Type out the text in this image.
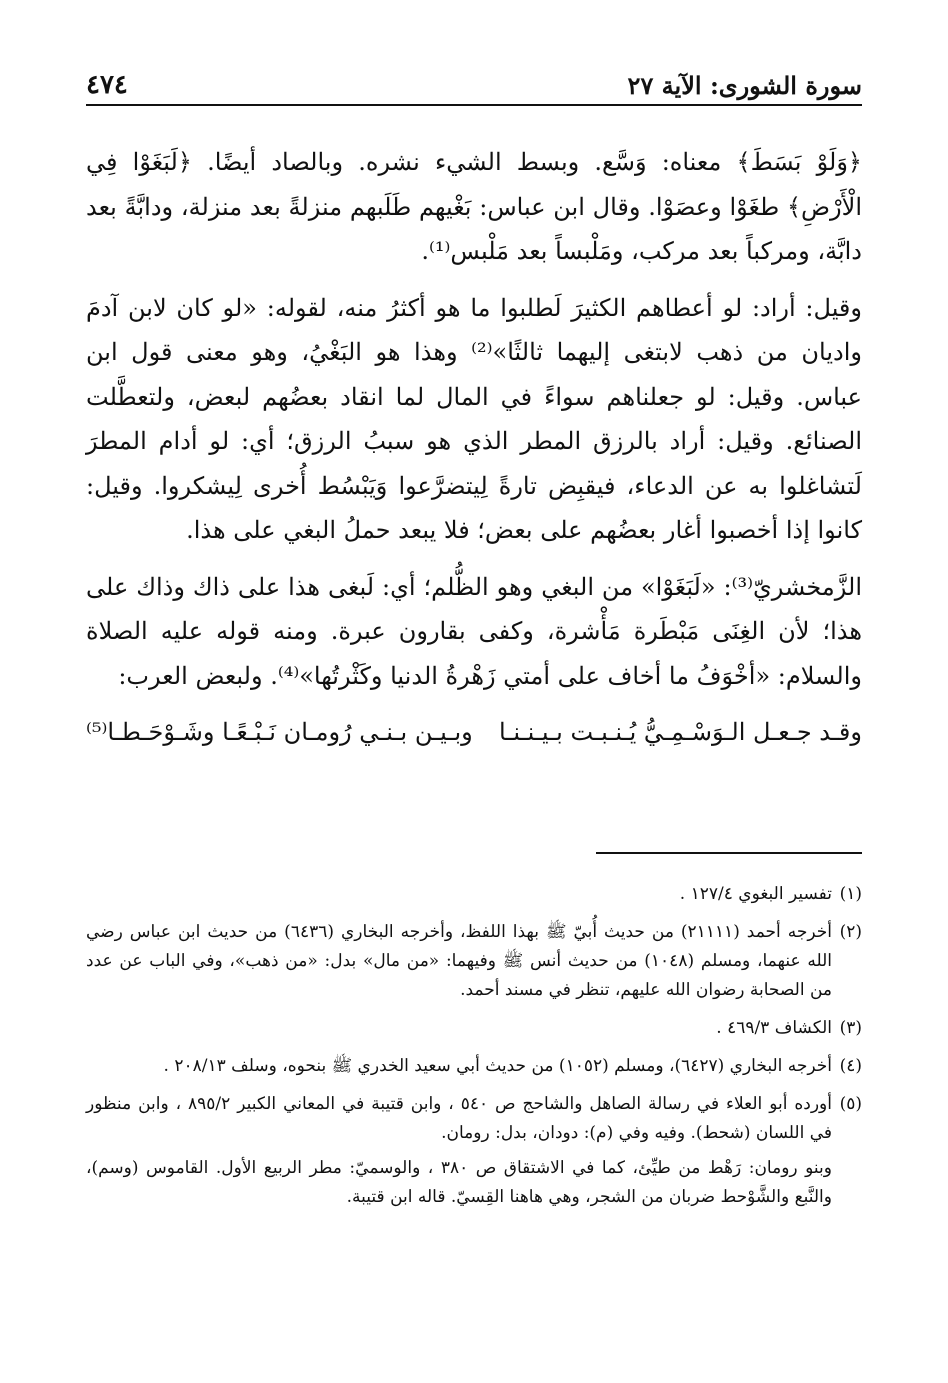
سورة الشورى: الآية ٢٧
٤٧٤

﴿وَلَوْ بَسَطَ﴾ معناه: وَسَّع. وبسط الشيء نشره. وبالصاد أيضًا. ﴿لَبَغَوْا فِي الْأَرْضِ﴾ طغَوْا وعصَوْا. وقال ابن عباس: بَغْيهم طَلَبهم منزلةً بعد منزلة، ودابَّةً بعد دابَّة، ومركباً بعد مركب، ومَلْبساً بعد مَلْبس⁽¹⁾.

وقيل: أراد: لو أعطاهم الكثيرَ لَطلبوا ما هو أكثرُ منه، لقوله: «لو كان لابن آدمَ واديان من ذهب لابتغى إليهما ثالثًا»⁽²⁾ وهذا هو البَغْيُ، وهو معنى قول ابن عباس. وقيل: لو جعلناهم سواءً في المال لما انقاد بعضُهم لبعض، ولتعطَّلت الصنائع. وقيل: أراد بالرزق المطر الذي هو سببُ الرزق؛ أي: لو أدام المطرَ لَتشاغلوا به عن الدعاء، فيقبِض تارةً لِيتضرَّعوا وَيَبْسُط أُخرى لِيشكروا. وقيل: كانوا إذا أخصبوا أغار بعضُهم على بعض؛ فلا يبعد حملُ البغي على هذا.

الزَّمخشريّ⁽³⁾: «لَبَغَوْا» من البغي وهو الظُّلم؛ أي: لَبغى هذا على ذاك وذاك على هذا؛ لأن الغِنَى مَبْطَرة مَأْشرة، وكفى بقارون عبرة. ومنه قوله عليه الصلاة والسلام: «أخْوَفُ ما أخاف على أمتي زَهْرةُ الدنيا وكَثْرتُها»⁽⁴⁾. ولبعض العرب:

وقـد جـعـل الـوَسْـمِـيُّ يُـنـبـت بـيـنـنـا
وبـيـن بـنـي رُومـان نَـبْـعًـا وشَـوْحَـطـا⁽⁵⁾
(١)
تفسير البغوي ١٢٧/٤ .
(٢)
أخرجه أحمد (٢١١١١) من حديث أُبيّ ﷺ بهذا اللفظ، وأخرجه البخاري (٦٤٣٦) من حديث ابن عباس رضي الله عنهما، ومسلم (١٠٤٨) من حديث أنس ﷺ وفيهما: «من مال» بدل: «من ذهب»، وفي الباب عن عدد من الصحابة رضوان الله عليهم، تنظر في مسند أحمد.
(٣)
الكشاف ٤٦٩/٣ .
(٤)
أخرجه البخاري (٦٤٢٧)، ومسلم (١٠٥٢) من حديث أبي سعيد الخدري ﷺ بنحوه، وسلف ٢٠٨/١٣ .
(٥)

أورده أبو العلاء في رسالة الصاهل والشاحج ص ٥٤٠ ، وابن قتيبة في المعاني الكبير ٨٩٥/٢ ، وابن منظور في اللسان (شحط). وفيه وفي (م): دودان، بدل: رومان.

وبنو رومان: رَهْط من طيِّئ، كما في الاشتقاق ص ٣٨٠ ، والوسميّ: مطر الربيع الأول. القاموس (وسم)، والنَّبع والشَّوْحط ضربان من الشجر، وهي هاهنا القِسيّ. قاله ابن قتيبة.
